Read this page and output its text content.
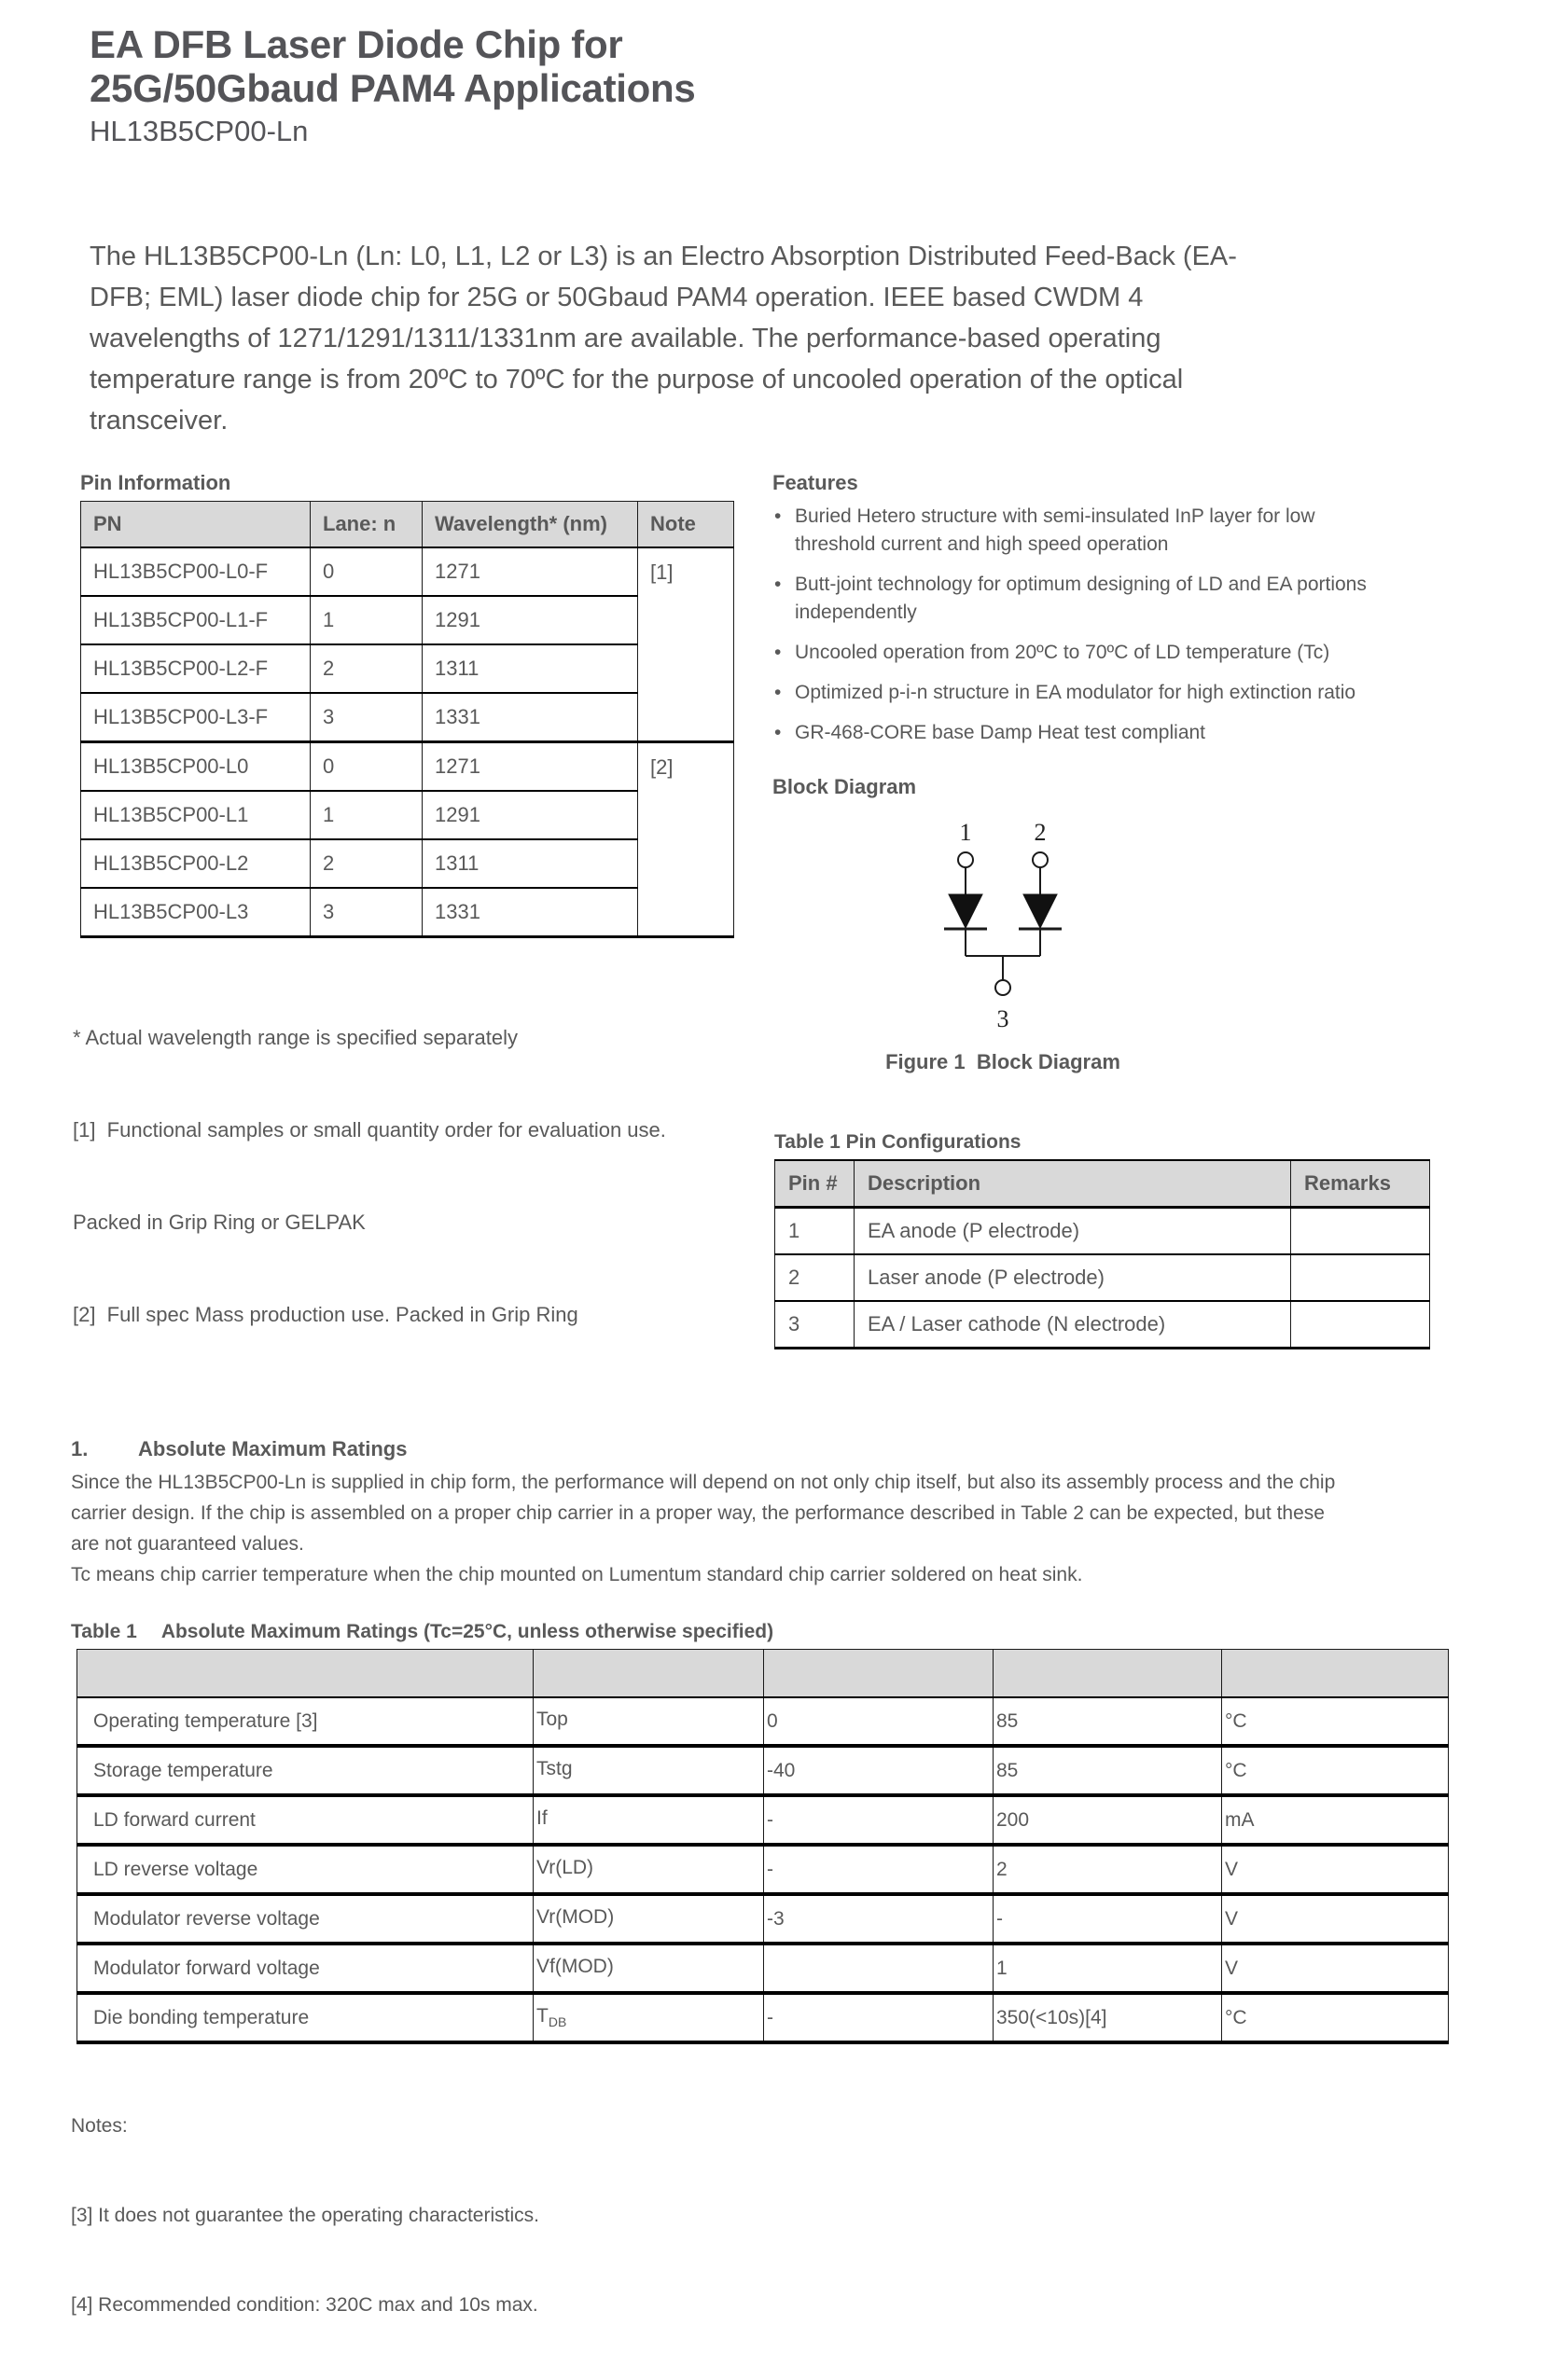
EA DFB Laser Diode Chip for
25G/50Gbaud PAM4 Applications
HL13B5CP00-Ln
The HL13B5CP00-Ln (Ln: L0, L1, L2 or L3) is an Electro Absorption Distributed Feed-Back (EA-
DFB; EML) laser diode chip for 25G or 50Gbaud PAM4 operation. IEEE based CWDM 4
wavelengths of 1271/1291/1311/1331nm are available. The performance-based operating
temperature range is from 20ºC to 70ºC for the purpose of uncooled operation of the optical
transceiver.
Pin Information
PN	Lane: n	Wavelength* (nm)	Note
HL13B5CP00-L0-F	0	1271	[1]
HL13B5CP00-L1-F	1	1291	
HL13B5CP00-L2-F	2	1311	
HL13B5CP00-L3-F	3	1331	
HL13B5CP00-L0	0	1271	[2]
HL13B5CP00-L1	1	1291	
HL13B5CP00-L2	2	1311	
HL13B5CP00-L3	3	1331	

* Actual wavelength range is specified separately

[1]  Functional samples or small quantity order for evaluation use.

Packed in Grip Ring or GELPAK

[2]  Full spec Mass production use. Packed in Grip Ring

Features
• Buried Hetero structure with semi-insulated InP layer for low
threshold current and high speed operation
• Butt-joint technology for optimum designing of LD and EA portions
independently
• Uncooled operation from 20ºC to 70ºC of LD temperature (Tc)
• Optimized p-i-n structure in EA modulator for high extinction ratio
• GR-468-CORE base Damp Heat test compliant
Block Diagram
1	2
3
Figure 1  Block Diagram
Table 1 Pin Configurations
Pin #	Description	Remarks
1	EA anode (P electrode)	
2	Laser anode (P electrode)	
3	EA / Laser cathode (N electrode)	
1. Absolute Maximum Ratings
Since the HL13B5CP00-Ln is supplied in chip form, the performance will depend on not only chip itself, but also its assembly process and the chip
carrier design. If the chip is assembled on a proper chip carrier in a proper way, the performance described in Table 2 can be expected, but these
are not guaranteed values.
Tc means chip carrier temperature when the chip mounted on Lumentum standard chip carrier soldered on heat sink.
Table 1 Absolute Maximum Ratings (Tc=25°C, unless otherwise specified)

Operating temperature [3]	Top	0	85	°C
Storage temperature	Tstg	-40	85	°C
LD forward current	If	-	200	mA
LD reverse voltage	Vr(LD)	-	2	V
Modulator reverse voltage	Vr(MOD)	-3	-	V
Modulator forward voltage	Vf(MOD)		1	V
Die bonding temperature	$T_{DB}$	-	350(<10s)[4]	°C

Notes:

[3] It does not guarantee the operating characteristics.

[4] Recommended condition: 320C max and 10s max.
